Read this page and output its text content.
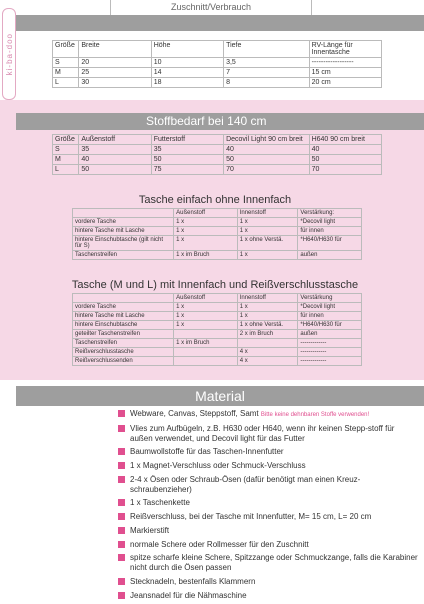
ki-ba-doo
Zuschnitt/Verbrauch
Größe	Breite	Höhe	Tiefe	RV-Länge für Innentasche
S	20	10	3,5	------------------
M	25	14	7	15 cm
L	30	18	8	20 cm
Stoffbedarf bei 140 cm
Größe	Außenstoff	Futterstoff	Decovil Light 90 cm breit	H640 90 cm breit
S	35	35	40	40
M	40	50	50	50
L	50	75	70	70
Tasche einfach ohne Innenfach
	Außenstoff	Innenstoff	Verstärkung:
vordere Tasche	1 x	1 x	*Decovil light
hintere Tasche mit Lasche	1 x	1 x	für innen
hintere Einschubtasche (gilt nicht für S)	1 x	1 x ohne Verstä.	*H640/H630 für
Taschenstreifen	1 x im Bruch	1 x	außen
Tasche (M und L) mit Innenfach und Reißverschlusstasche
	Außenstoff	Innenstoff	Verstärkung
vordere Tasche	1 x	1 x	*Decovil light
hintere Tasche mit Lasche	1 x	1 x	für innen
hintere Einschubtasche	1 x	1 x ohne Verstä.	*H640/H630 für
geteilter Taschenstreifen		2 x im Bruch	außen
Taschenstreifen	1 x im Bruch		-------------
Reißverschlusstasche		4 x	-------------
Reißverschlussenden		4 x	-------------
Material
Webware, Canvas, Steppstoff, Samt Bitte keine dehnbaren Stoffe verwenden!
Vlies zum Aufbügeln, z.B. H630 oder H640, wenn ihr keinen Stepp-stoff für außen verwendet, und Decovil light für das Futter
Baumwollstoffe für das Taschen-Innenfutter
1 x Magnet-Verschluss oder Schmuck-Verschluss
2-4 x Ösen oder Schraub-Ösen (dafür benötigt man einen Kreuz-schraubenzieher)
1 x Taschenkette
Reißverschluss, bei der Tasche mit Innenfutter, M= 15 cm, L= 20 cm
Markierstift
normale Schere oder Rollmesser für den Zuschnitt
spitze scharfe kleine Schere, Spitzzange oder Schmuckzange, falls die Karabiner nicht durch die Ösen passen
Stecknadeln, bestenfalls Klammern
Jeansnadel für die Nähmaschine
